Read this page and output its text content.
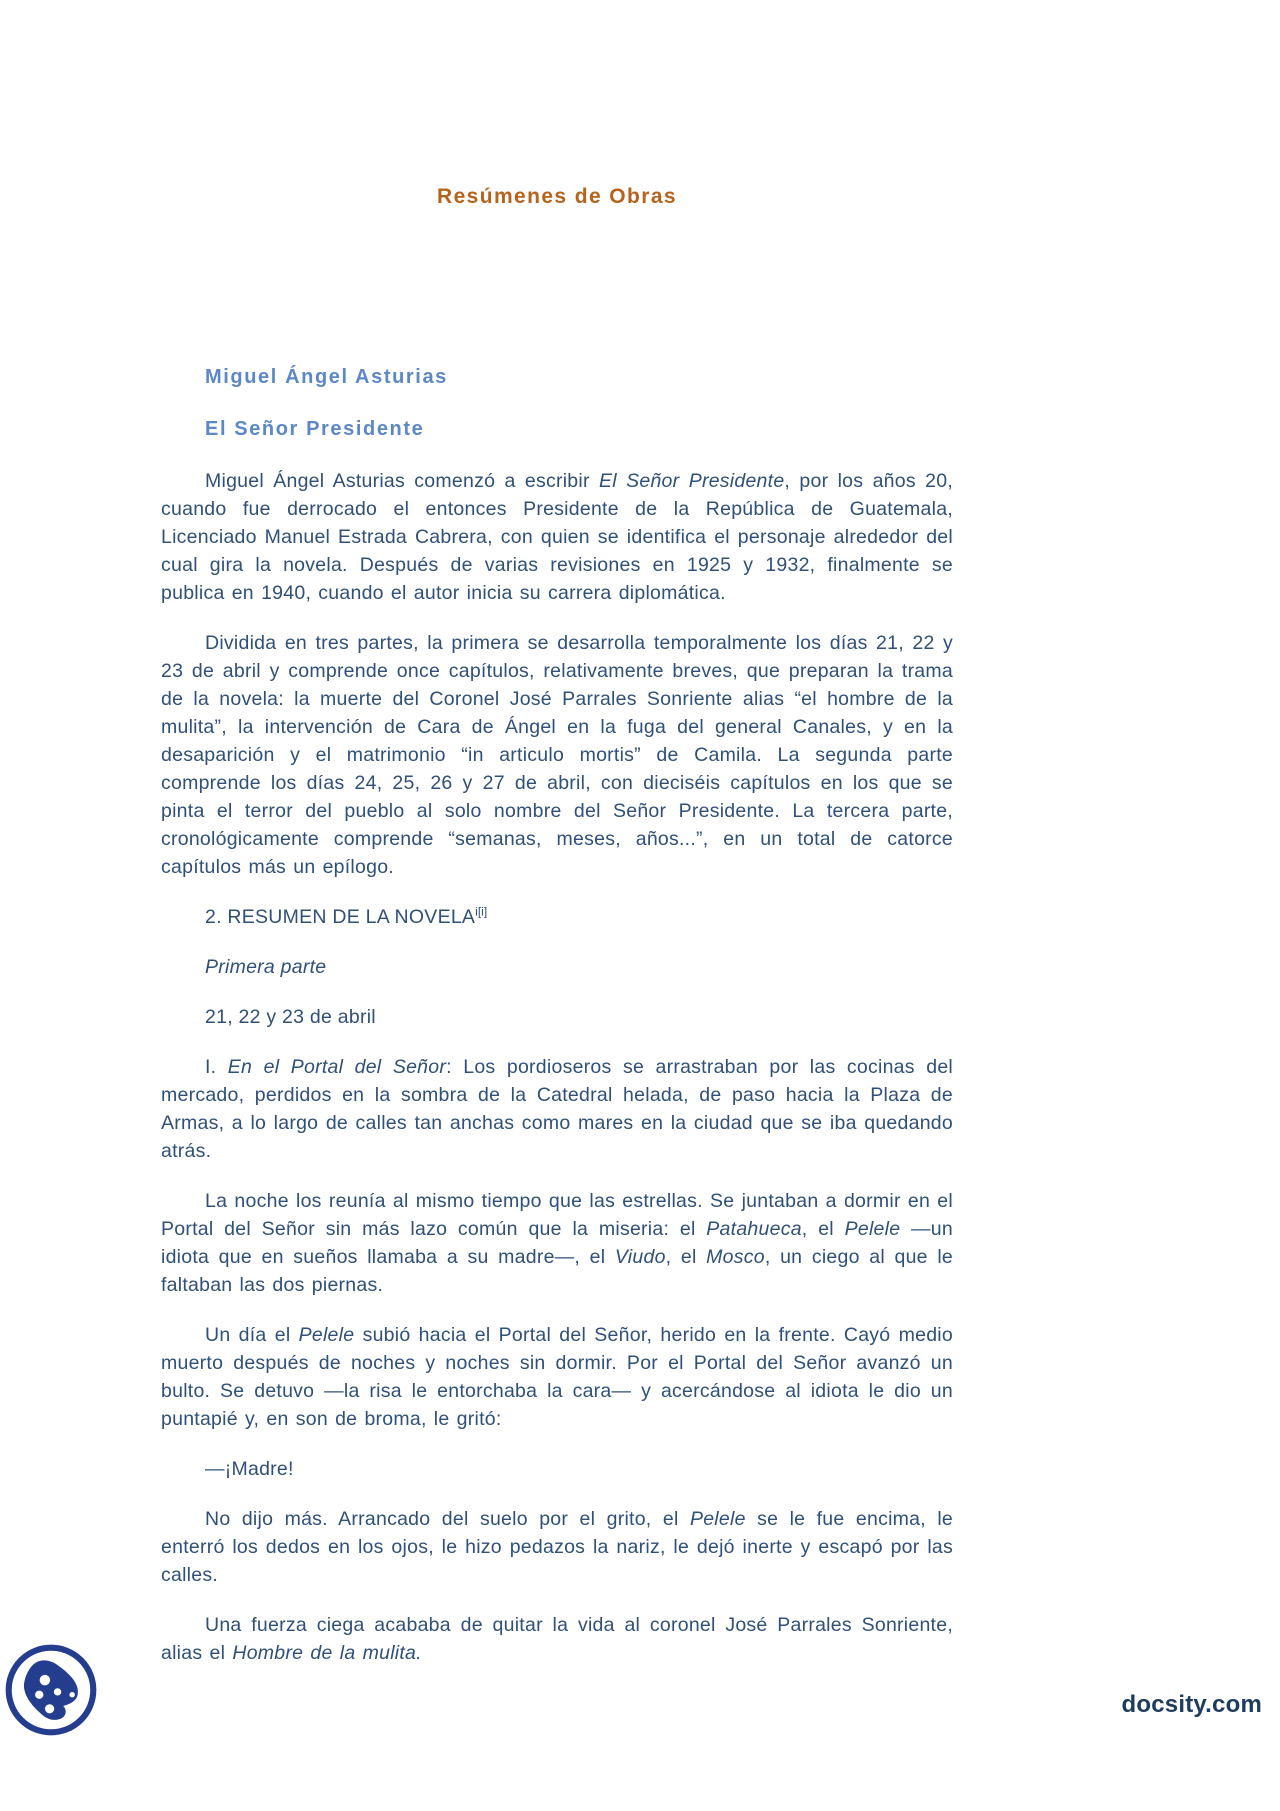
Resúmenes de Obras

Miguel Ángel Asturias

El Señor Presidente

Miguel Ángel Asturias comenzó a escribir El Señor Presidente, por los años 20, cuando fue derrocado el entonces Presidente de la República de Guatemala, Licenciado Manuel Estrada Cabrera, con quien se identifica el personaje alrededor del cual gira la novela. Después de varias revisiones en 1925 y 1932, finalmente se publica en 1940, cuando el autor inicia su carrera diplomática.

Dividida en tres partes, la primera se desarrolla temporalmente los días 21, 22 y 23 de abril y comprende once capítulos, relativamente breves, que preparan la trama de la novela: la muerte del Coronel José Parrales Sonriente alias “el hombre de la mulita”, la intervención de Cara de Ángel en la fuga del general Canales, y en la desaparición y el matrimonio “in articulo mortis” de Camila. La segunda parte comprende los días 24, 25, 26 y 27 de abril, con dieciséis capítulos en los que se pinta el terror del pueblo al solo nombre del Señor Presidente. La tercera parte, cronológicamente comprende “semanas, meses, años...”, en un total de catorce capítulos más un epílogo.

2. RESUMEN DE LA $NOVELA^{i[i]}$

Primera parte

21, 22 y 23 de abril

I. En el Portal del Señor: Los pordioseros se arrastraban por las cocinas del mercado, perdidos en la sombra de la Catedral helada, de paso hacia la Plaza de Armas, a lo largo de calles tan anchas como mares en la ciudad que se iba quedando atrás.

La noche los reunía al mismo tiempo que las estrellas. Se juntaban a dormir en el Portal del Señor sin más lazo común que la miseria: el Patahueca, el Pelele —un idiota que en sueños llamaba a su madre—, el Viudo, el Mosco, un ciego al que le faltaban las dos piernas.

Un día el Pelele subió hacia el Portal del Señor, herido en la frente. Cayó medio muerto después de noches y noches sin dormir. Por el Portal del Señor avanzó un bulto. Se detuvo —la risa le entorchaba la cara— y acercándose al idiota le dio un puntapié y, en son de broma, le gritó:

—¡Madre!

No dijo más. Arrancado del suelo por el grito, el Pelele se le fue encima, le enterró los dedos en los ojos, le hizo pedazos la nariz, le dejó inerte y escapó por las calles.

Una fuerza ciega acababa de quitar la vida al coronel José Parrales Sonriente, alias el Hombre de la mulita.

docsity.com
